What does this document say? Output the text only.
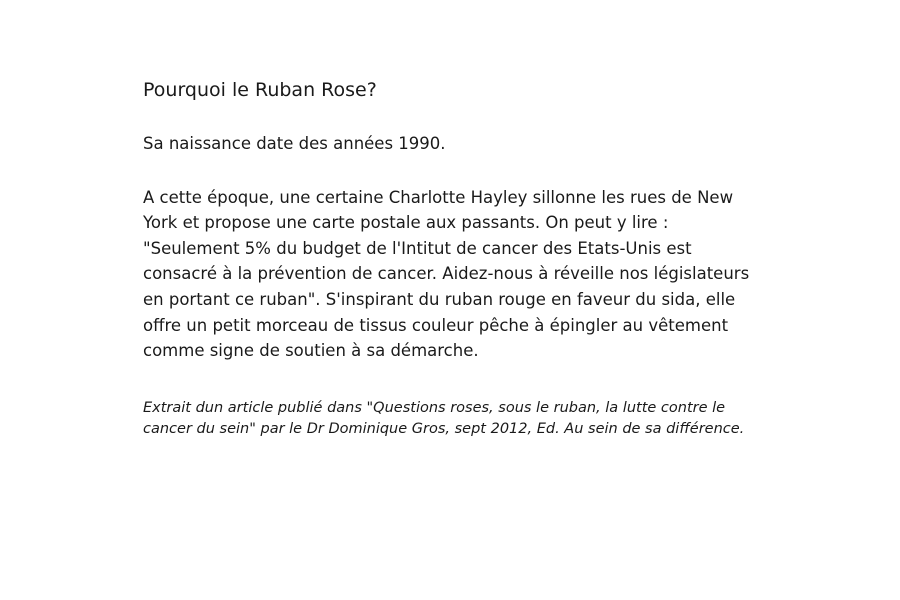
Pourquoi le Ruban Rose?

Sa naissance date des années 1990.

A cette époque, une certaine Charlotte Hayley sillonne les rues de New York et propose une carte postale aux passants. On peut y lire : "Seulement 5% du budget de l'Intitut de cancer des Etats-Unis est consacré à la prévention de cancer. Aidez-nous à réveille nos législateurs en portant ce ruban". S'inspirant du ruban rouge en faveur du sida, elle offre un petit morceau de tissus couleur pêche à épingler au vêtement comme signe de soutien à sa démarche.

Extrait dun article publié dans "Questions roses, sous le ruban, la lutte contre le cancer du sein" par le Dr Dominique Gros, sept 2012, Ed. Au sein de sa différence.
